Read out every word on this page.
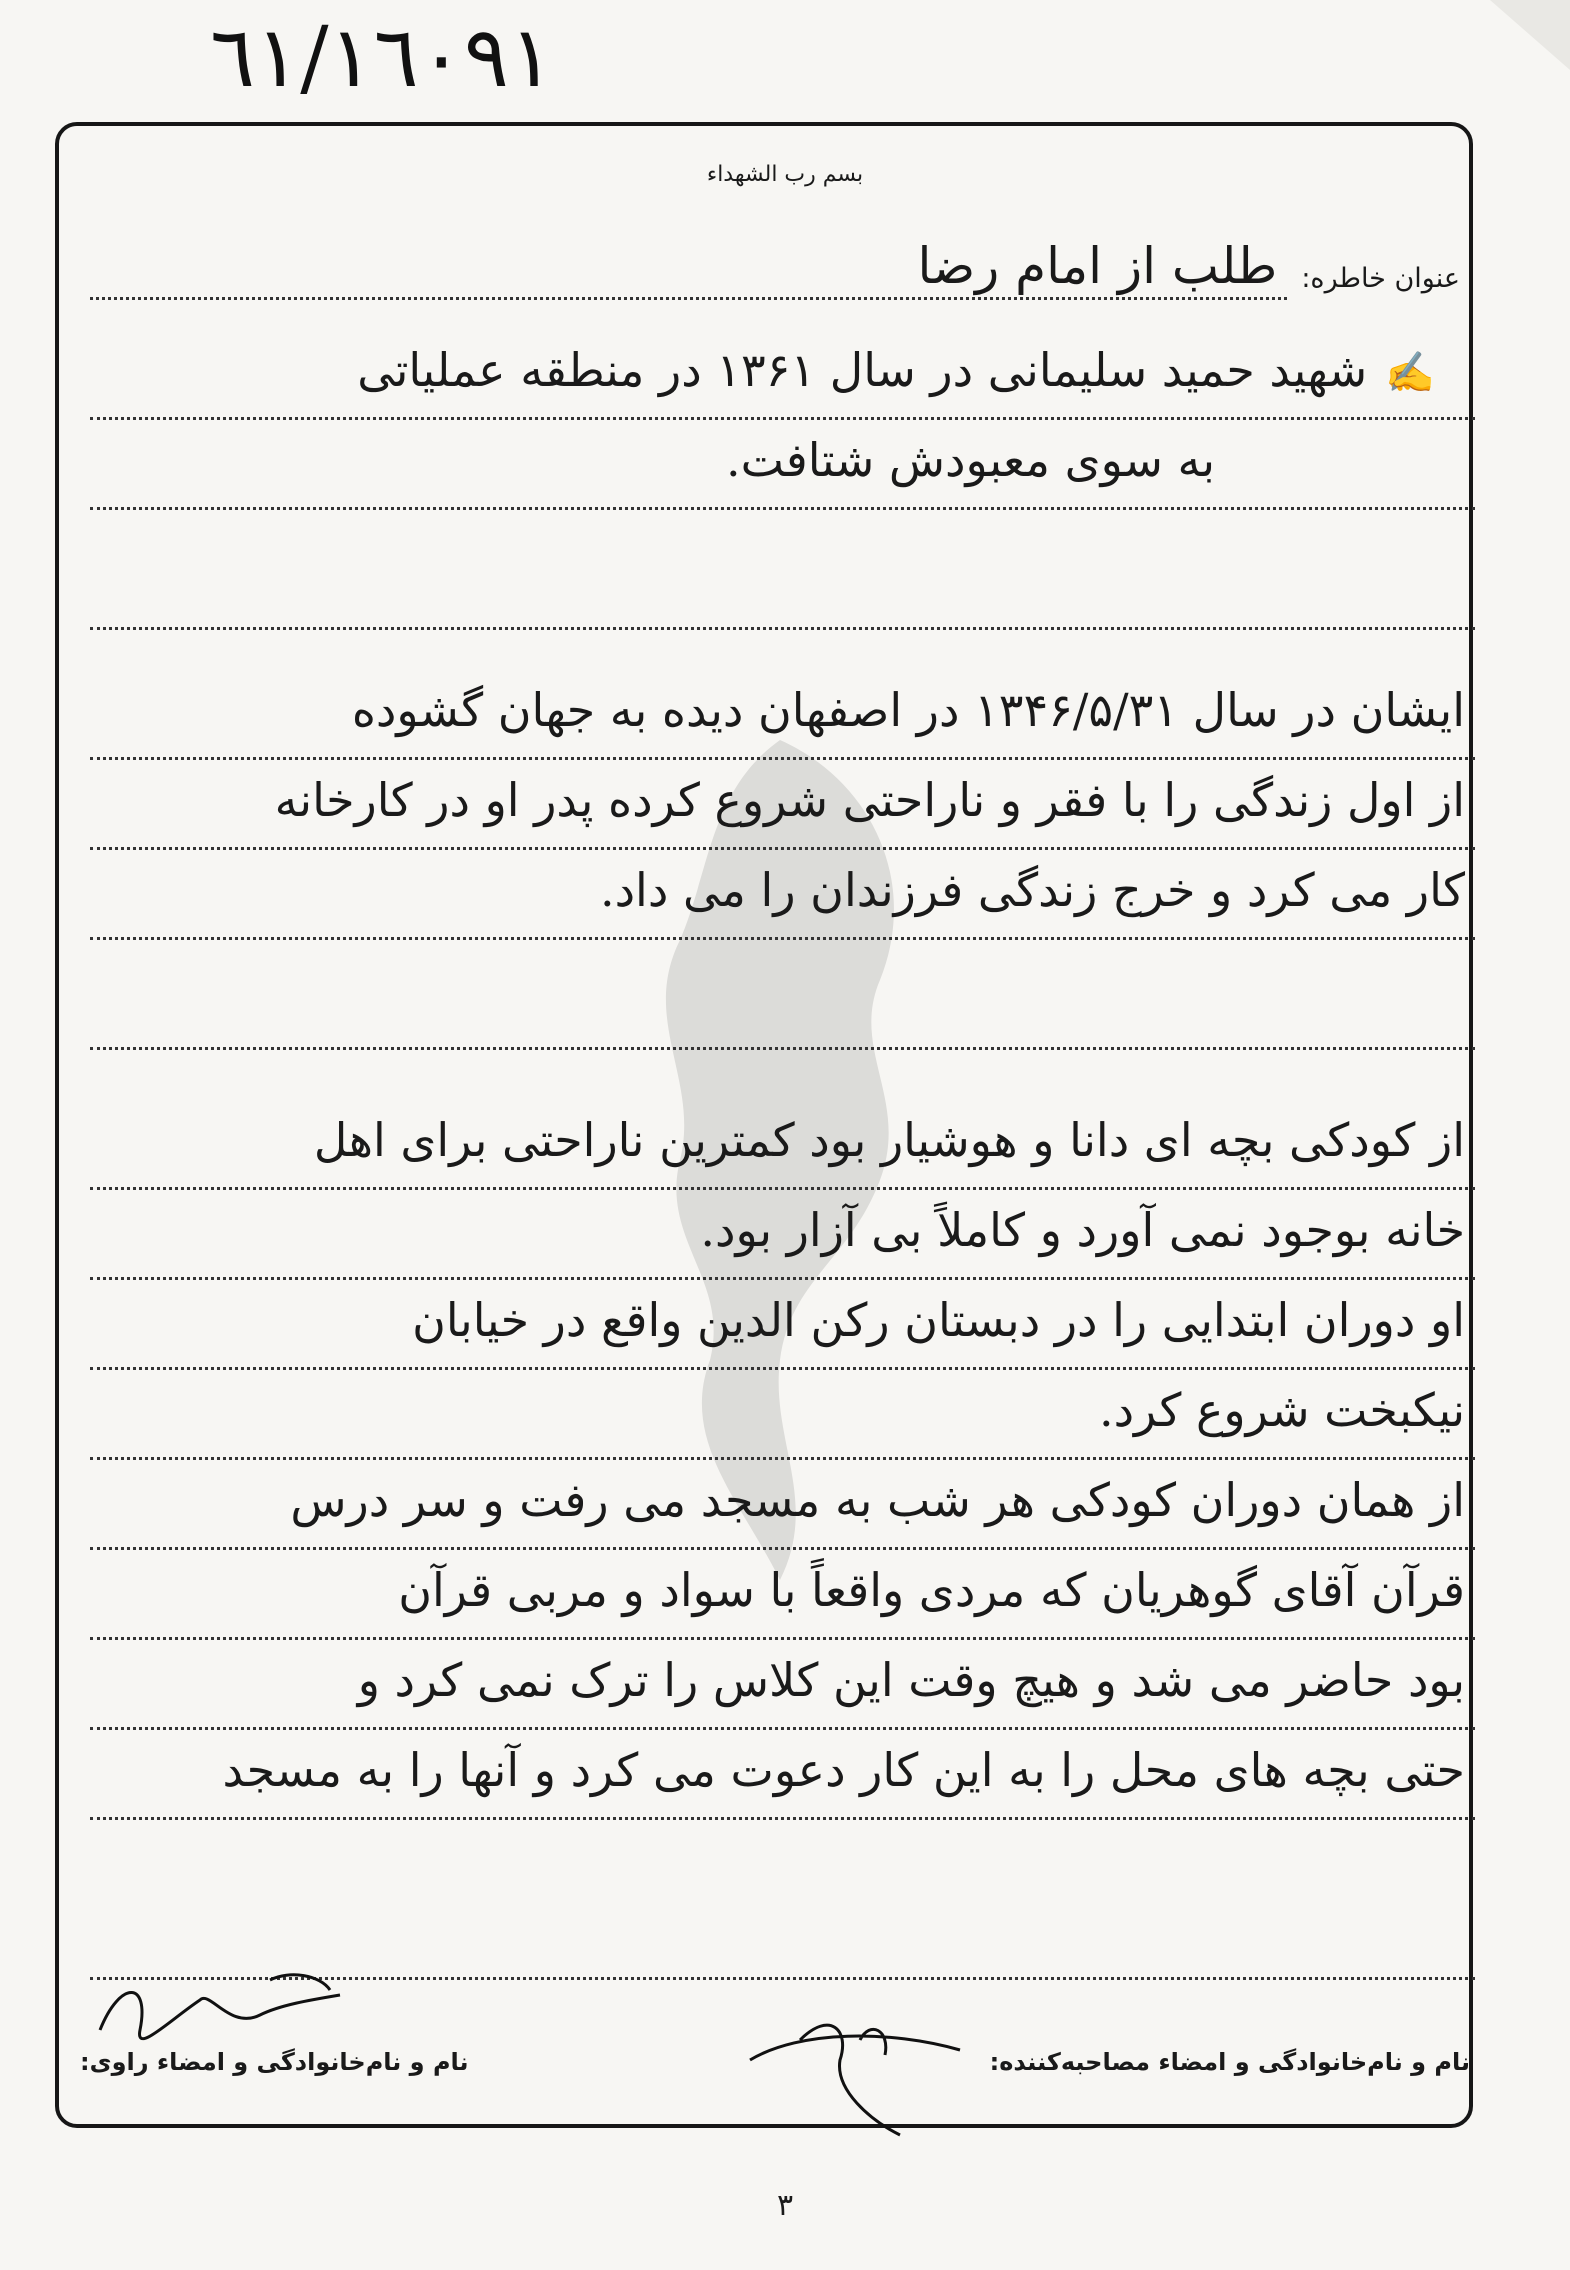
٦١/١٦٠٩١
بسم رب الشهداء
عنوان خاطره:
طلب از امام رضا
✍شهید حمید سلیمانی در سال ۱۳۶۱ در منطقه عملیاتی
به سوی معبودش شتافت.
ایشان در سال ۱۳۴۶/۵/۳۱ در اصفهان دیده به جهان گشوده
از اول زندگی را با فقر و ناراحتی شروع کرده پدر او در کارخانه
کار می کرد و خرج زندگی فرزندان را می داد.
از کودکی بچه ای دانا و هوشیار بود کمترین ناراحتی برای اهل
خانه بوجود نمی آورد و کاملاً بی آزار بود.
او دوران ابتدایی را در دبستان رکن الدین واقع در خیابان
نیکبخت شروع کرد.
از همان دوران کودکی هر شب به مسجد می رفت و سر درس
قرآن آقای گوهریان که مردی واقعاً با سواد و مربی قرآن
بود حاضر می شد و هیچ وقت این کلاس را ترک نمی کرد و
حتی بچه های محل را به این کار دعوت می کرد و آنها را به مسجد
نام و نام‌خانوادگی و امضاء مصاحبه‌کننده:
نام و نام‌خانوادگی و امضاء راوی:
٣
